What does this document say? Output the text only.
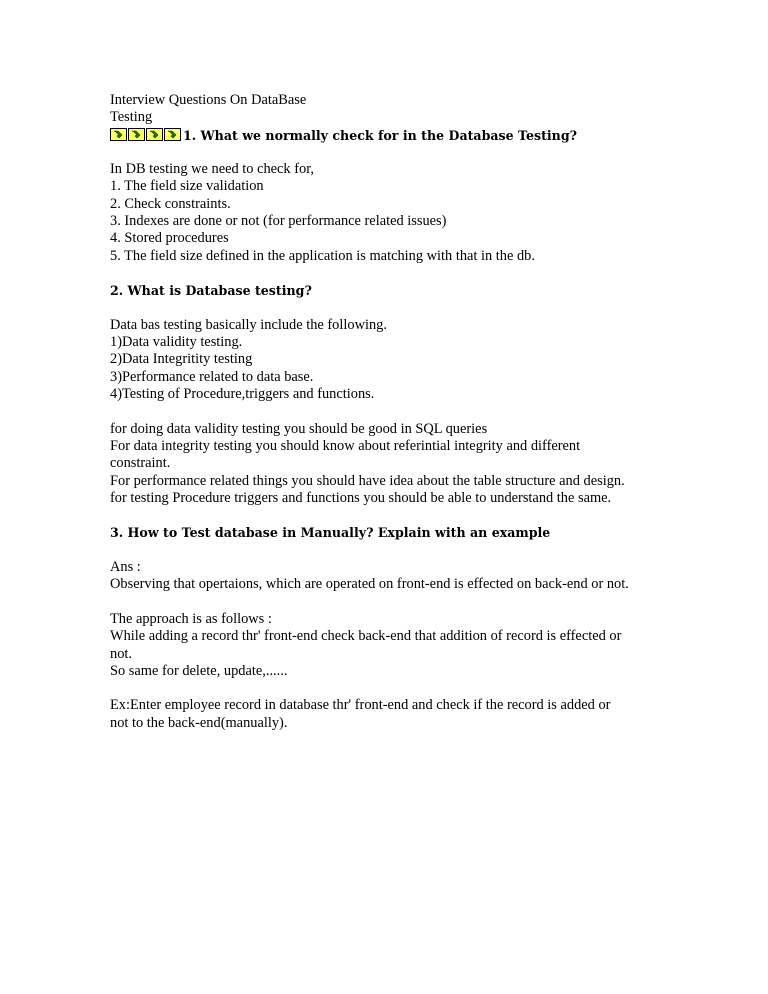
Interview Questions On DataBase
Testing
1. What we normally check for in the Database Testing?
In DB testing we need to check for,
1. The field size validation
2. Check constraints.
3. Indexes are done or not (for performance related issues)
4. Stored procedures
5. The field size defined in the application is matching with that in the db.
2. What is Database testing?
Data bas testing basically include the following.
1)Data validity testing.
2)Data Integritity testing
3)Performance related to data base.
4)Testing of Procedure,triggers and functions.
for doing data validity testing you should be good in SQL queries
For data integrity testing you should know about referintial integrity and different
constraint.
For performance related things you should have idea about the table structure and design.
for testing Procedure triggers and functions you should be able to understand the same.
3. How to Test database in Manually? Explain with an example
Ans :
Observing that opertaions, which are operated on front-end is effected on back-end or not.
The approach is as follows :
While adding a record thr' front-end check back-end that addition of record is effected or
not.
So same for delete, update,......
Ex:Enter employee record in database thr' front-end and check if the record is added or
not to the back-end(manually).
